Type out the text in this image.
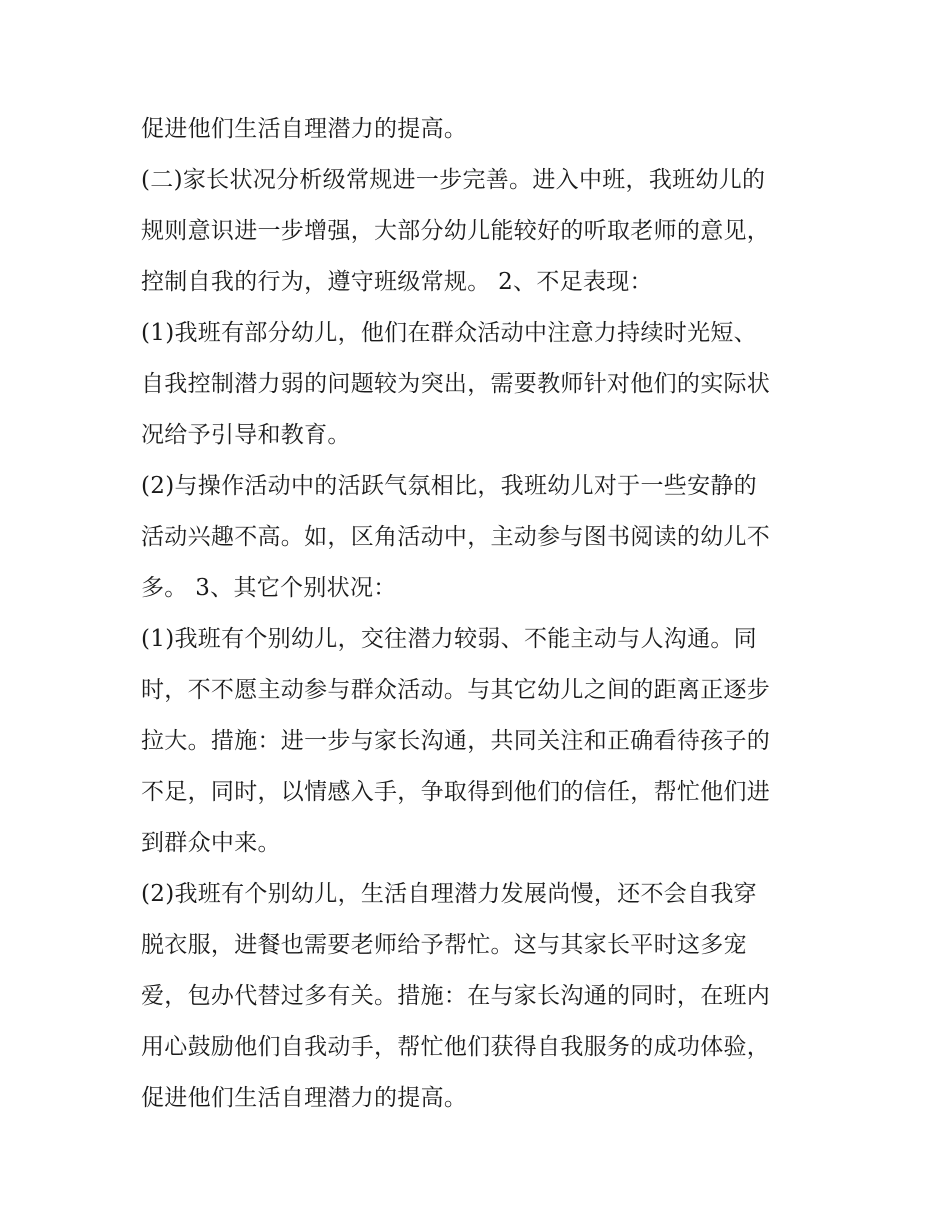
促进他们生活自理潜力的提高。
(二)家长状况分析级常规进一步完善。进入中班，我班幼儿的
规则意识进一步增强，大部分幼儿能较好的听取老师的意见，
控制自我的行为，遵守班级常规。 2、不足表现：
(1)我班有部分幼儿，他们在群众活动中注意力持续时光短、
自我控制潜力弱的问题较为突出，需要教师针对他们的实际状
况给予引导和教育。
(2)与操作活动中的活跃气氛相比，我班幼儿对于一些安静的
活动兴趣不高。如，区角活动中，主动参与图书阅读的幼儿不
多。 3、其它个别状况：
(1)我班有个别幼儿，交往潜力较弱、不能主动与人沟通。同
时，不不愿主动参与群众活动。与其它幼儿之间的距离正逐步
拉大。措施：进一步与家长沟通，共同关注和正确看待孩子的
不足，同时，以情感入手，争取得到他们的信任，帮忙他们进
到群众中来。
(2)我班有个别幼儿，生活自理潜力发展尚慢，还不会自我穿
脱衣服，进餐也需要老师给予帮忙。这与其家长平时这多宠
爱，包办代替过多有关。措施：在与家长沟通的同时，在班内
用心鼓励他们自我动手，帮忙他们获得自我服务的成功体验，
促进他们生活自理潜力的提高。
